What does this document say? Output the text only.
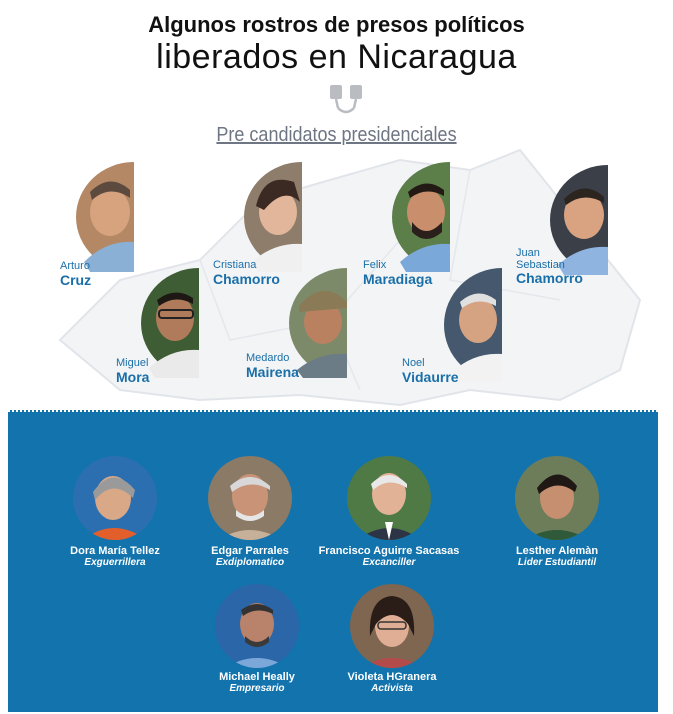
Algunos rostros de presos políticos
liberados en Nicaragua
Pre candidatos presidenciales
Arturo
Cruz
Cristiana
Chamorro
Felix
Maradiaga
Juan Sebastian
Chamorro
Miguel
Mora
Medardo
Mairena
Noel
Vidaurre
Dora María Tellez
Exguerrillera
Edgar Parrales
Exdiplomatico
Francisco Aguirre Sacasas
Excanciller
Lesther Alemàn
Lider Estudiantil
Michael Heally
Empresario
Violeta HGranera
Activista
